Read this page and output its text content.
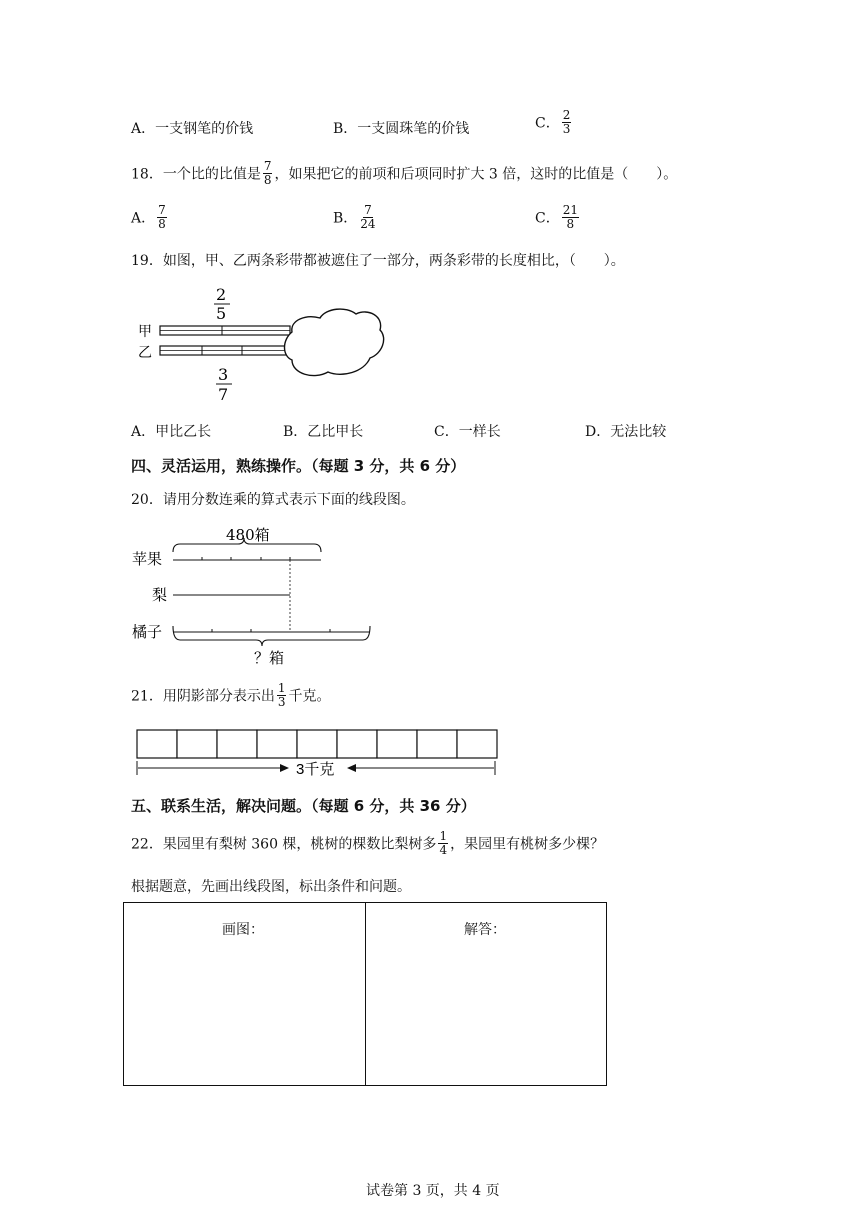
A．一支钢笔的价钱	B．一支圆珠笔的价钱	C． $\frac{2}{3}$
18．一个比的比值是 $\frac{7}{8}$ ，如果把它的前项和后项同时扩大 3 倍，这时的比值是（　　）。
A． $\frac{7}{8}$	B． $\frac{7}{24}$	C． $\frac{21}{8}$
19．如图，甲、乙两条彩带都被遮住了一部分，两条彩带的长度相比，（　　）。
2
5
甲
乙
3
7
A．甲比乙长	B．乙比甲长	C．一样长	D．无法比较
四、灵活运用，熟练操作。（每题 3 分，共 6 分）
20．请用分数连乘的算式表示下面的线段图。
480箱
苹果
梨
橘子
？箱
21．用阴影部分表示出 $\frac{1}{3}$ 千克。
3千克
五、联系生活，解决问题。（每题 6 分，共 36 分）
22．果园里有梨树 360 棵，桃树的棵数比梨树多 $\frac{1}{4}$ ，果园里有桃树多少棵？
根据题意，先画出线段图，标出条件和问题。
画图：	解答：
试卷第 3 页，共 4 页
